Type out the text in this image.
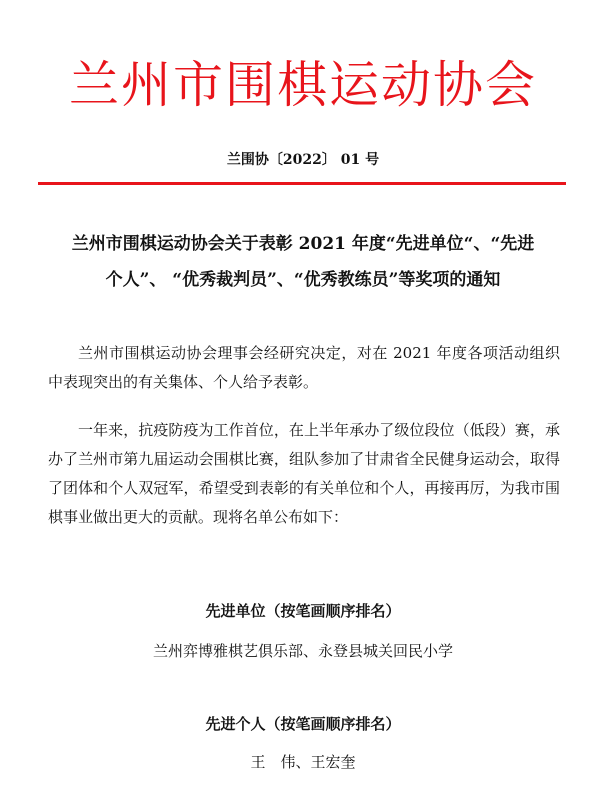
兰州市围棋运动协会
兰围协〔2022〕 01 号
兰州市围棋运动协会关于表彰 2021 年度“先进单位“、“先进
个人”、 “优秀裁判员”、“优秀教练员”等奖项的通知
兰州市围棋运动协会理事会经研究决定，对在 2021 年度各项活动组织中表现突出的有关集体、个人给予表彰。
一年来，抗疫防疫为工作首位，在上半年承办了级位段位（低段）赛，承办了兰州市第九届运动会围棋比赛，组队参加了甘肃省全民健身运动会，取得了团体和个人双冠军，希望受到表彰的有关单位和个人，再接再厉，为我市围棋事业做出更大的贡献。现将名单公布如下：
先进单位（按笔画顺序排名）
兰州弈博雅棋艺俱乐部、永登县城关回民小学
先进个人（按笔画顺序排名）
王　伟、王宏奎
